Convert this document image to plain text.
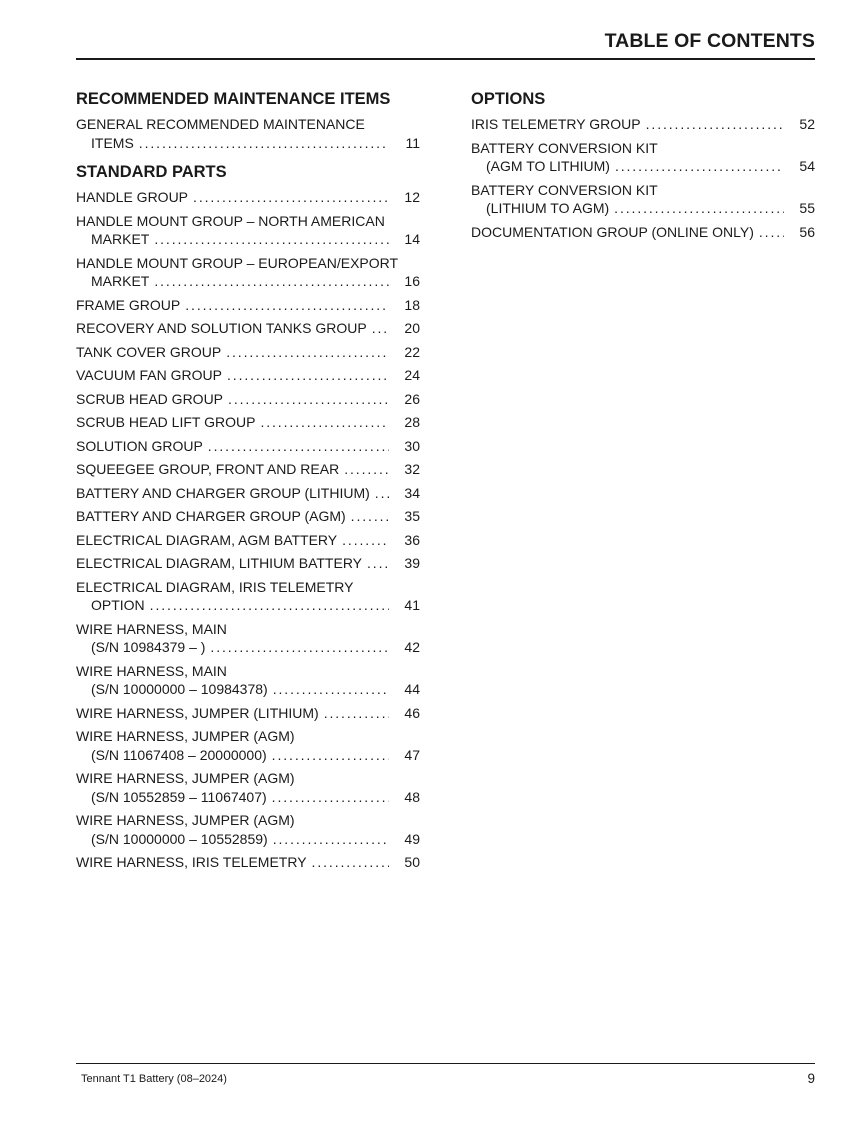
TABLE OF CONTENTS
RECOMMENDED MAINTENANCE ITEMS
GENERAL RECOMMENDED MAINTENANCE
ITEMS .....	11
STANDARD PARTS
HANDLE GROUP .....	12
HANDLE MOUNT GROUP – NORTH AMERICAN
MARKET .....	14
HANDLE MOUNT GROUP – EUROPEAN/EXPORT
MARKET .....	16
FRAME GROUP .....	18
RECOVERY AND SOLUTION TANKS GROUP .....	20
TANK COVER GROUP .....	22
VACUUM FAN GROUP .....	24
SCRUB HEAD GROUP .....	26
SCRUB HEAD LIFT GROUP .....	28
SOLUTION GROUP .....	30
SQUEEGEE GROUP, FRONT AND REAR .....	32
BATTERY AND CHARGER GROUP (LITHIUM) .....	34
BATTERY AND CHARGER GROUP (AGM) .....	35
ELECTRICAL DIAGRAM, AGM BATTERY .....	36
ELECTRICAL DIAGRAM, LITHIUM BATTERY .....	39
ELECTRICAL DIAGRAM, IRIS TELEMETRY
OPTION .....	41
WIRE HARNESS, MAIN
(S/N 10984379 – ) .....	42
WIRE HARNESS, MAIN
(S/N 10000000 – 10984378) .....	44
WIRE HARNESS, JUMPER (LITHIUM) .....	46
WIRE HARNESS, JUMPER (AGM)
(S/N 11067408 – 20000000) .....	47
WIRE HARNESS, JUMPER (AGM)
(S/N 10552859 – 11067407) .....	48
WIRE HARNESS, JUMPER (AGM)
(S/N 10000000 – 10552859) .....	49
WIRE HARNESS, IRIS TELEMETRY .....	50
OPTIONS
IRIS TELEMETRY GROUP .....	52
BATTERY CONVERSION KIT
(AGM TO LITHIUM) .....	54
BATTERY CONVERSION KIT
(LITHIUM TO AGM) .....	55
DOCUMENTATION GROUP (ONLINE ONLY) .....	56
Tennant T1 Battery (08–2024)	9
